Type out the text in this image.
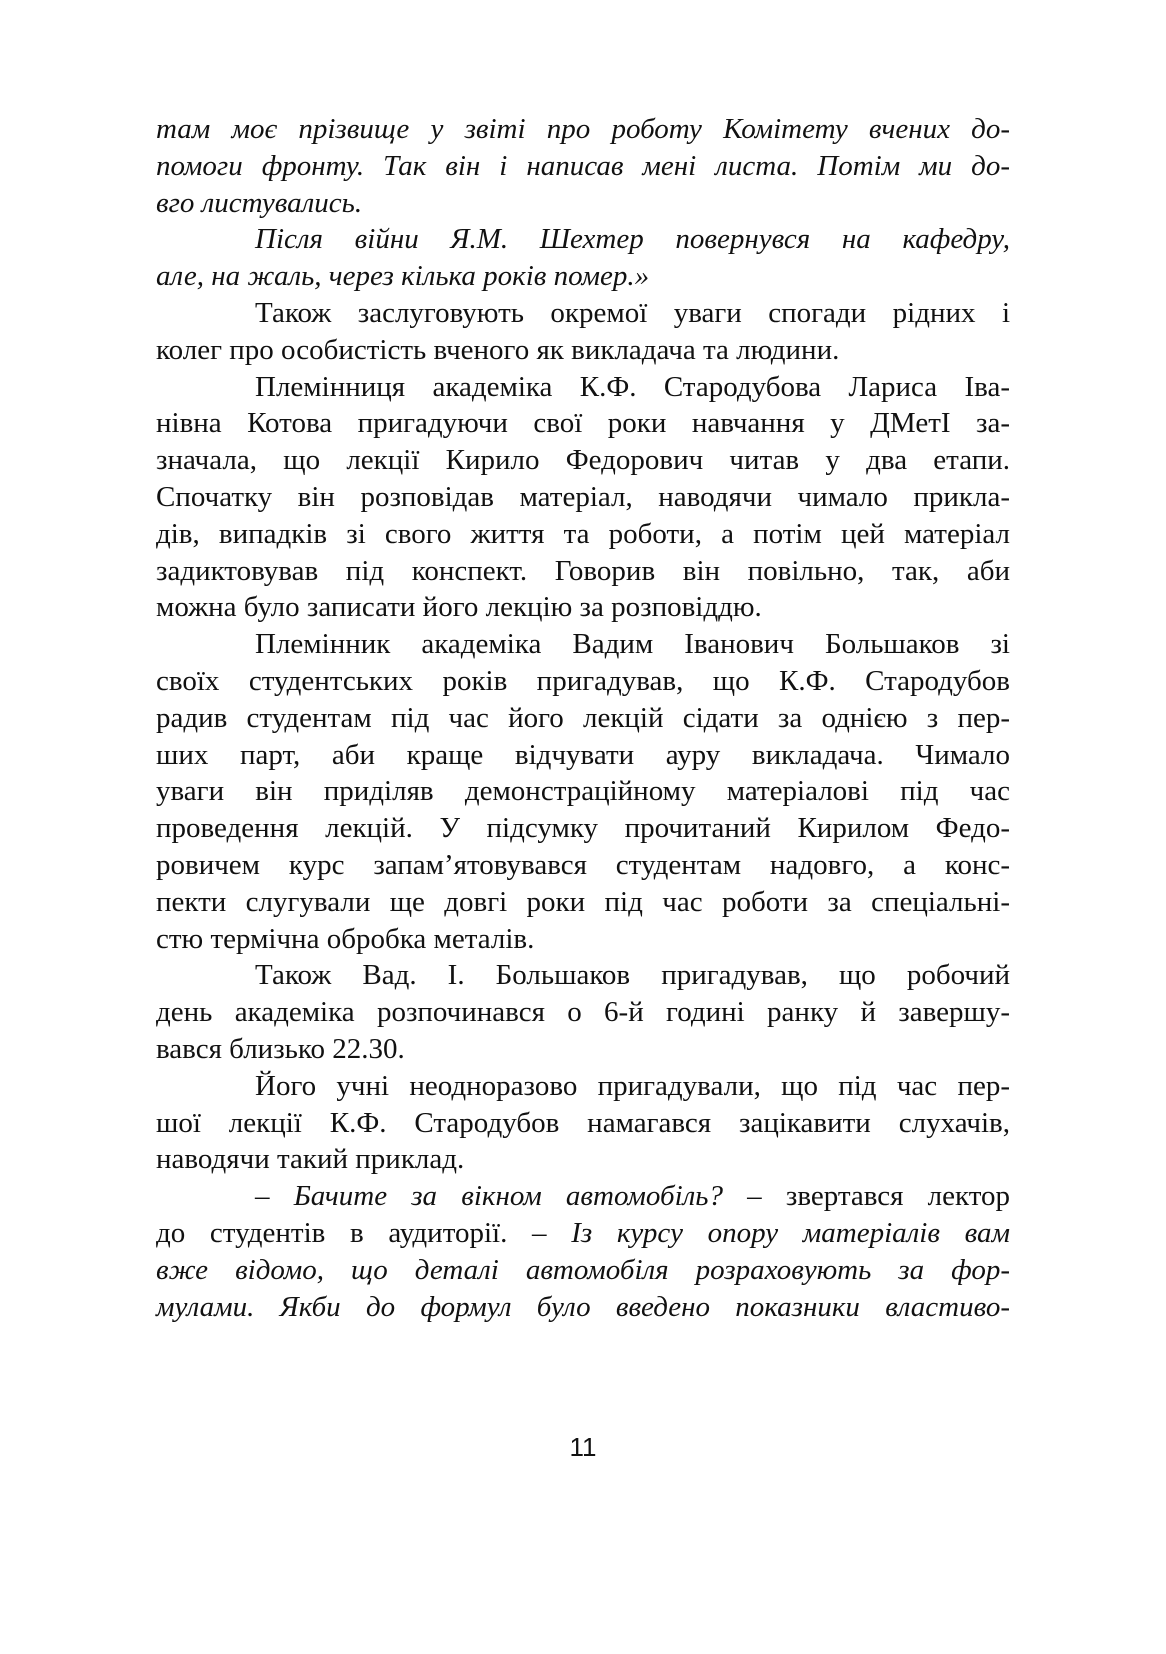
там моє прізвище у звіті про роботу Комітету вчених до-
помоги фронту. Так він і написав мені листа. Потім ми до-
вго листувались.
Після війни Я.М. Шехтер повернувся на кафедру,
але, на жаль, через кілька років помер.»
Також заслуговують окремої уваги спогади рідних і
колег про особистість вченого як викладача та людини.
Племінниця академіка К.Ф. Стародубова Лариса Іва-
нівна Котова пригадуючи свої роки навчання у ДМетІ за-
значала, що лекції Кирило Федорович читав у два етапи.
Спочатку він розповідав матеріал, наводячи чимало прикла-
дів, випадків зі свого життя та роботи, а потім цей матеріал
задиктовував під конспект. Говорив він повільно, так, аби
можна було записати його лекцію за розповіддю.
Племінник академіка Вадим Іванович Большаков зі
своїх студентських років пригадував, що К.Ф. Стародубов
радив студентам під час його лекцій сідати за однією з пер-
ших парт, аби краще відчувати ауру викладача. Чимало
уваги він приділяв демонстраційному матеріалові під час
проведення лекцій. У підсумку прочитаний Кирилом Федо-
ровичем курс запам’ятовувався студентам надовго, а конс-
пекти слугували ще довгі роки під час роботи за спеціальні-
стю термічна обробка металів.
Також Вад. І. Большаков пригадував, що робочий
день академіка розпочинався о 6-й годині ранку й завершу-
вався близько 22.30.
Його учні неодноразово пригадували, що під час пер-
шої лекції К.Ф. Стародубов намагався зацікавити слухачів,
наводячи такий приклад.
– Бачите за вікном автомобіль? – звертався лектор
до студентів в аудиторії. – Із курсу опору матеріалів вам
вже відомо, що деталі автомобіля розраховують за фор-
мулами. Якби до формул було введено показники властиво-
11
